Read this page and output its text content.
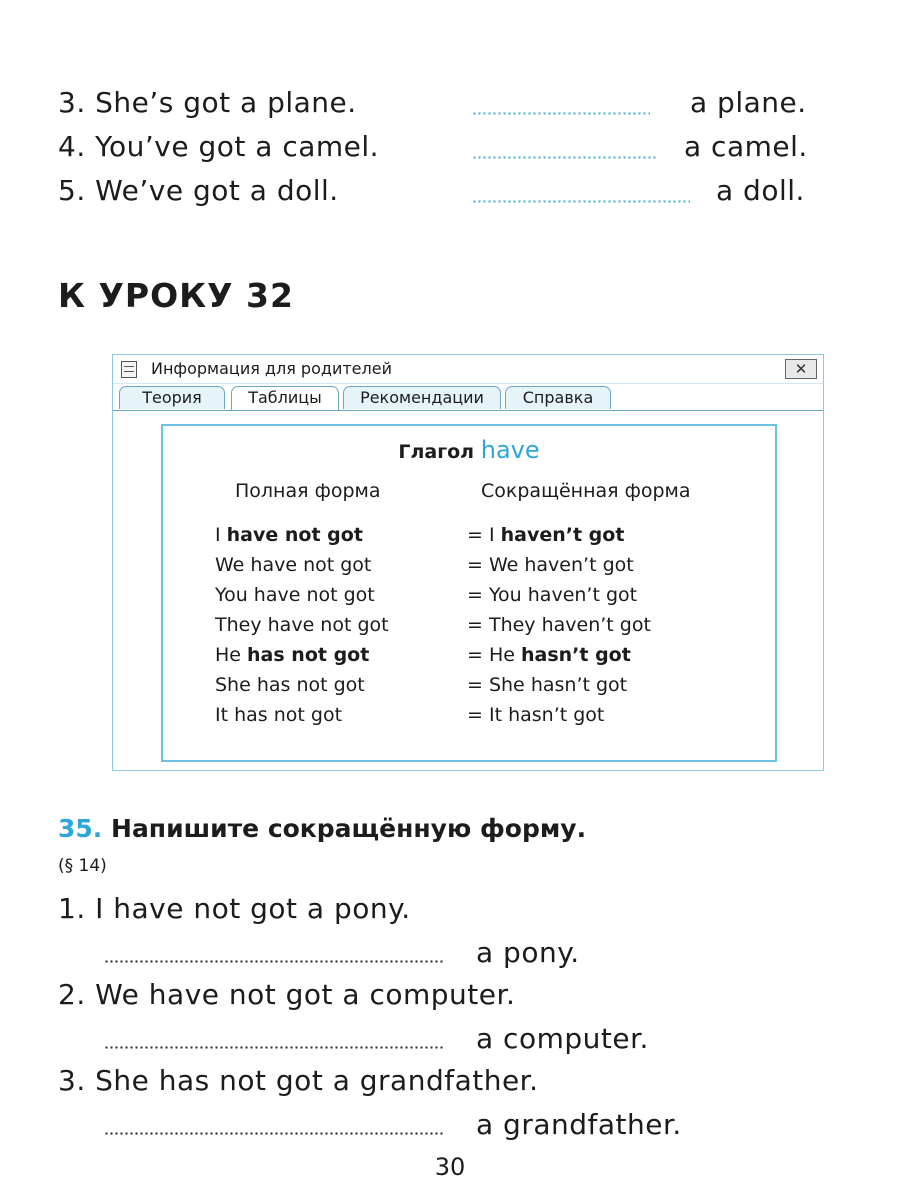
3. She’s got a plane.	a plane.
4. You’ve got a camel.	a camel.
5. We’ve got a doll.	a doll.
К УРОКУ 32
Информация для родителей	✕
Теория	Таблицы	Рекомендации	Справка
Глагол have
Полная форма	Сокращённая форма
I have not got	= I haven’t got
We have not got	= We haven’t got
You have not got	= You haven’t got
They have not got	= They haven’t got
He has not got	= He hasn’t got
She has not got	= She hasn’t got
It has not got	= It hasn’t got
35. Напишите сокращённую форму.
(§ 14)
1. I have not got a pony.
a pony.
2. We have not got a computer.
a computer.
3. She has not got a grandfather.
a grandfather.
30
